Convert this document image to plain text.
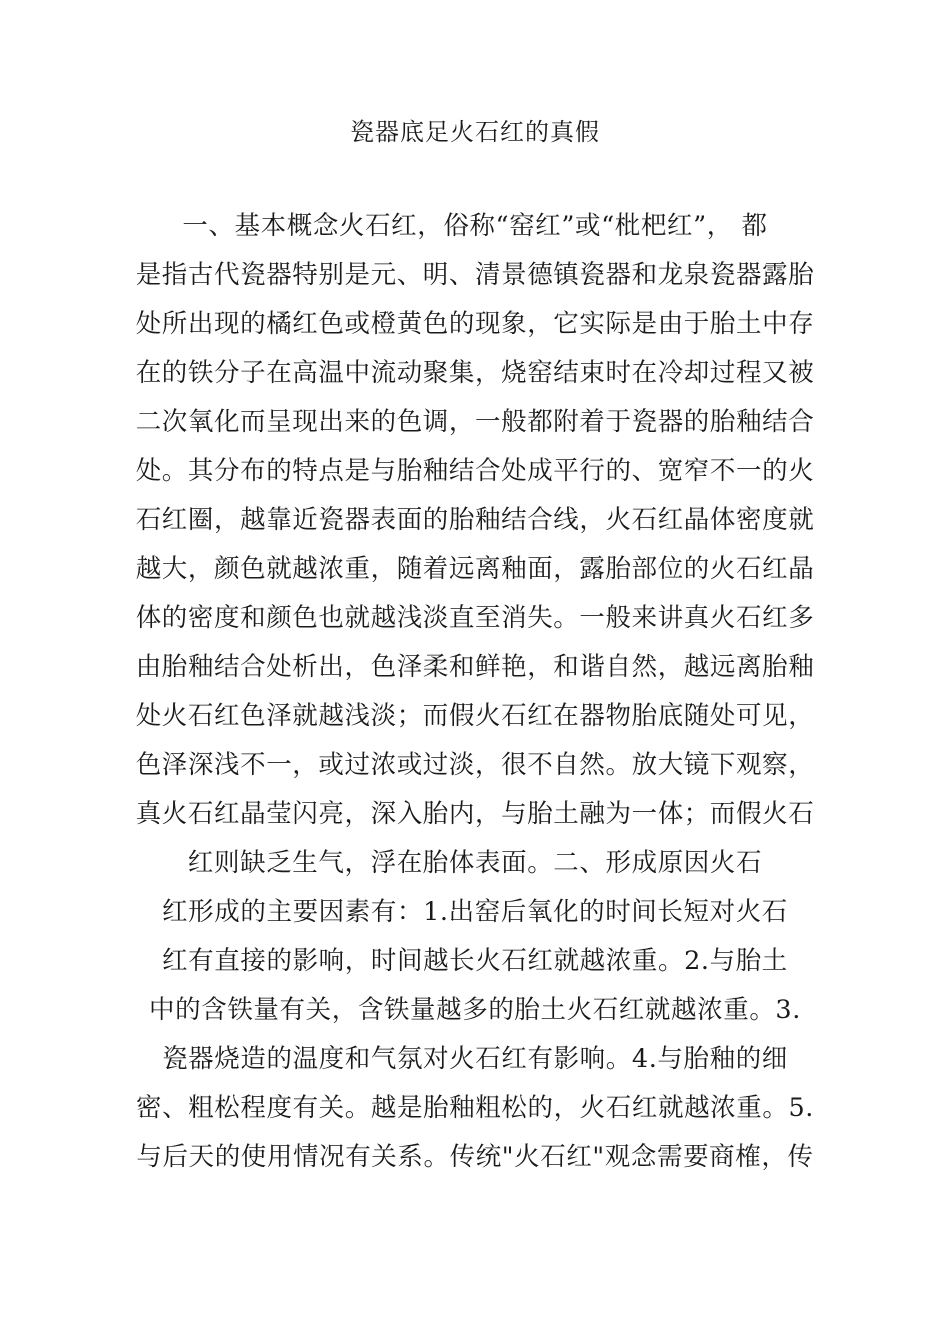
瓷器底足火石红的真假
一、基本概念火石红，俗称“窑红”或“枇杷红”， 都
是指古代瓷器特别是元、明、清景德镇瓷器和龙泉瓷器露胎
处所出现的橘红色或橙黄色的现象，它实际是由于胎土中存
在的铁分子在高温中流动聚集，烧窑结束时在冷却过程又被
二次氧化而呈现出来的色调，一般都附着于瓷器的胎釉结合
处。其分布的特点是与胎釉结合处成平行的、宽窄不一的火
石红圈，越靠近瓷器表面的胎釉结合线，火石红晶体密度就
越大，颜色就越浓重，随着远离釉面，露胎部位的火石红晶
体的密度和颜色也就越浅淡直至消失。一般来讲真火石红多
由胎釉结合处析出，色泽柔和鲜艳，和谐自然，越远离胎釉
处火石红色泽就越浅淡；而假火石红在器物胎底随处可见，
色泽深浅不一，或过浓或过淡，很不自然。放大镜下观察，
真火石红晶莹闪亮，深入胎内，与胎土融为一体；而假火石
红则缺乏生气，浮在胎体表面。二、形成原因火石
红形成的主要因素有：1.出窑后氧化的时间长短对火石
红有直接的影响，时间越长火石红就越浓重。2.与胎土
中的含铁量有关，含铁量越多的胎土火石红就越浓重。3.
瓷器烧造的温度和气氛对火石红有影响。4.与胎釉的细
密、粗松程度有关。越是胎釉粗松的，火石红就越浓重。5.
与后天的使用情况有关系。传统"火石红"观念需要商榷，传
